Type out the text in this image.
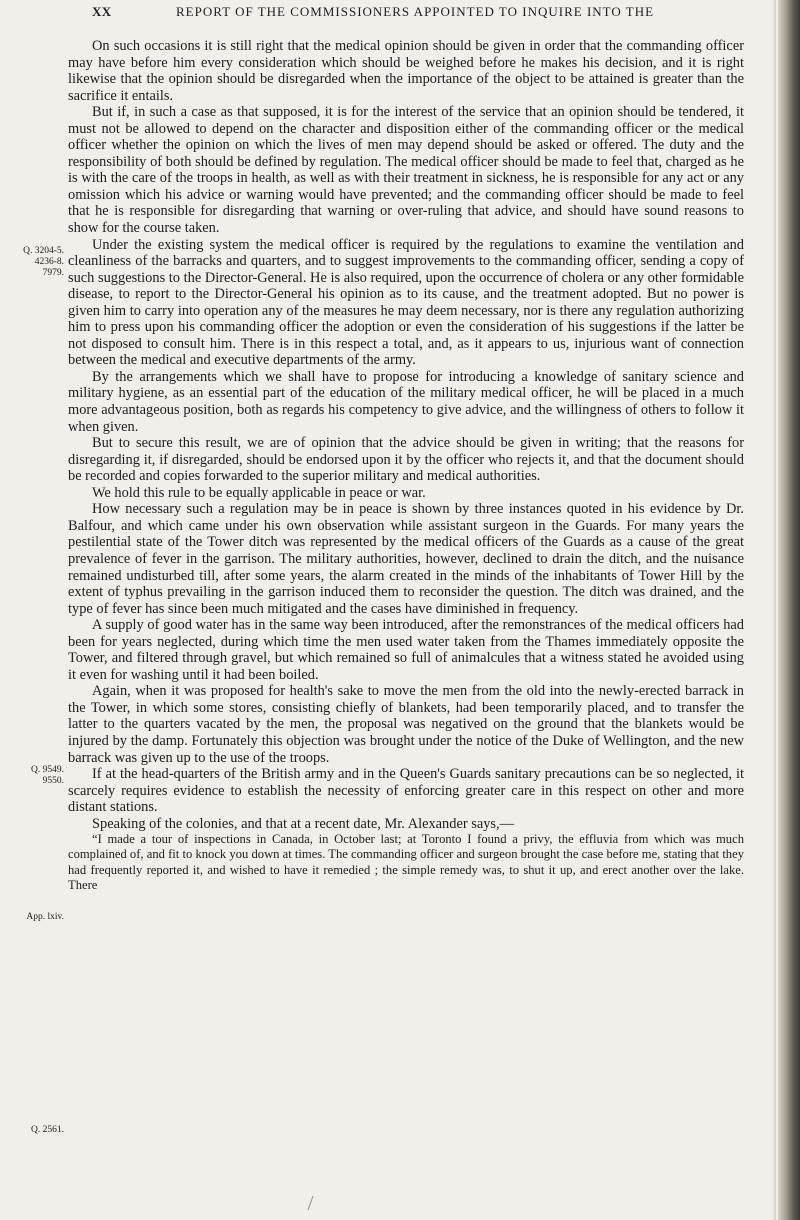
XX	REPORT OF THE COMMISSIONERS APPOINTED TO INQUIRE INTO THE
Q. 3204-5.
4236-8.
7979.
Q. 9549.
9550.
App. lxiv.
Q. 2561.

On such occasions it is still right that the medical opinion should be given in order that the commanding officer may have before him every consideration which should be weighed before he makes his decision, and it is right likewise that the opinion should be disregarded when the importance of the object to be attained is greater than the sacrifice it entails.

But if, in such a case as that supposed, it is for the interest of the service that an opinion should be tendered, it must not be allowed to depend on the character and disposition either of the commanding officer or the medical officer whether the opinion on which the lives of men may depend should be asked or offered. The duty and the responsibility of both should be defined by regulation. The medical officer should be made to feel that, charged as he is with the care of the troops in health, as well as with their treatment in sickness, he is responsible for any act or any omission which his advice or warning would have prevented; and the commanding officer should be made to feel that he is responsible for disregarding that warning or over-ruling that advice, and should have sound reasons to show for the course taken.

Under the existing system the medical officer is required by the regulations to examine the ventilation and cleanliness of the barracks and quarters, and to suggest improvements to the commanding officer, sending a copy of such suggestions to the Director-General. He is also required, upon the occurrence of cholera or any other formidable disease, to report to the Director-General his opinion as to its cause, and the treatment adopted. But no power is given him to carry into operation any of the measures he may deem necessary, nor is there any regulation authorizing him to press upon his commanding officer the adoption or even the consideration of his suggestions if the latter be not disposed to consult him. There is in this respect a total, and, as it appears to us, injurious want of connection between the medical and executive departments of the army.

By the arrangements which we shall have to propose for introducing a knowledge of sanitary science and military hygiene, as an essential part of the education of the military medical officer, he will be placed in a much more advantageous position, both as regards his competency to give advice, and the willingness of others to follow it when given.

But to secure this result, we are of opinion that the advice should be given in writing; that the reasons for disregarding it, if disregarded, should be endorsed upon it by the officer who rejects it, and that the document should be recorded and copies forwarded to the superior military and medical authorities.

We hold this rule to be equally applicable in peace or war.

How necessary such a regulation may be in peace is shown by three instances quoted in his evidence by Dr. Balfour, and which came under his own observation while assistant surgeon in the Guards. For many years the pestilential state of the Tower ditch was represented by the medical officers of the Guards as a cause of the great prevalence of fever in the garrison. The military authorities, however, declined to drain the ditch, and the nuisance remained undisturbed till, after some years, the alarm created in the minds of the inhabitants of Tower Hill by the extent of typhus prevailing in the garrison induced them to reconsider the question. The ditch was drained, and the type of fever has since been much mitigated and the cases have diminished in frequency.

A supply of good water has in the same way been introduced, after the remonstrances of the medical officers had been for years neglected, during which time the men used water taken from the Thames immediately opposite the Tower, and filtered through gravel, but which remained so full of animalcules that a witness stated he avoided using it even for washing until it had been boiled.

Again, when it was proposed for health's sake to move the men from the old into the newly-erected barrack in the Tower, in which some stores, consisting chiefly of blankets, had been temporarily placed, and to transfer the latter to the quarters vacated by the men, the proposal was negatived on the ground that the blankets would be injured by the damp. Fortunately this objection was brought under the notice of the Duke of Wellington, and the new barrack was given up to the use of the troops.

If at the head-quarters of the British army and in the Queen's Guards sanitary precautions can be so neglected, it scarcely requires evidence to establish the necessity of enforcing greater care in this respect on other and more distant stations.

Speaking of the colonies, and that at a recent date, Mr. Alexander says,—

“I made a tour of inspections in Canada, in October last; at Toronto I found a privy, the effluvia from which was much complained of, and fit to knock you down at times. The commanding officer and surgeon brought the case before me, stating that they had frequently reported it, and wished to have it remedied ; the simple remedy was, to shut it up, and erect another over the lake. There
